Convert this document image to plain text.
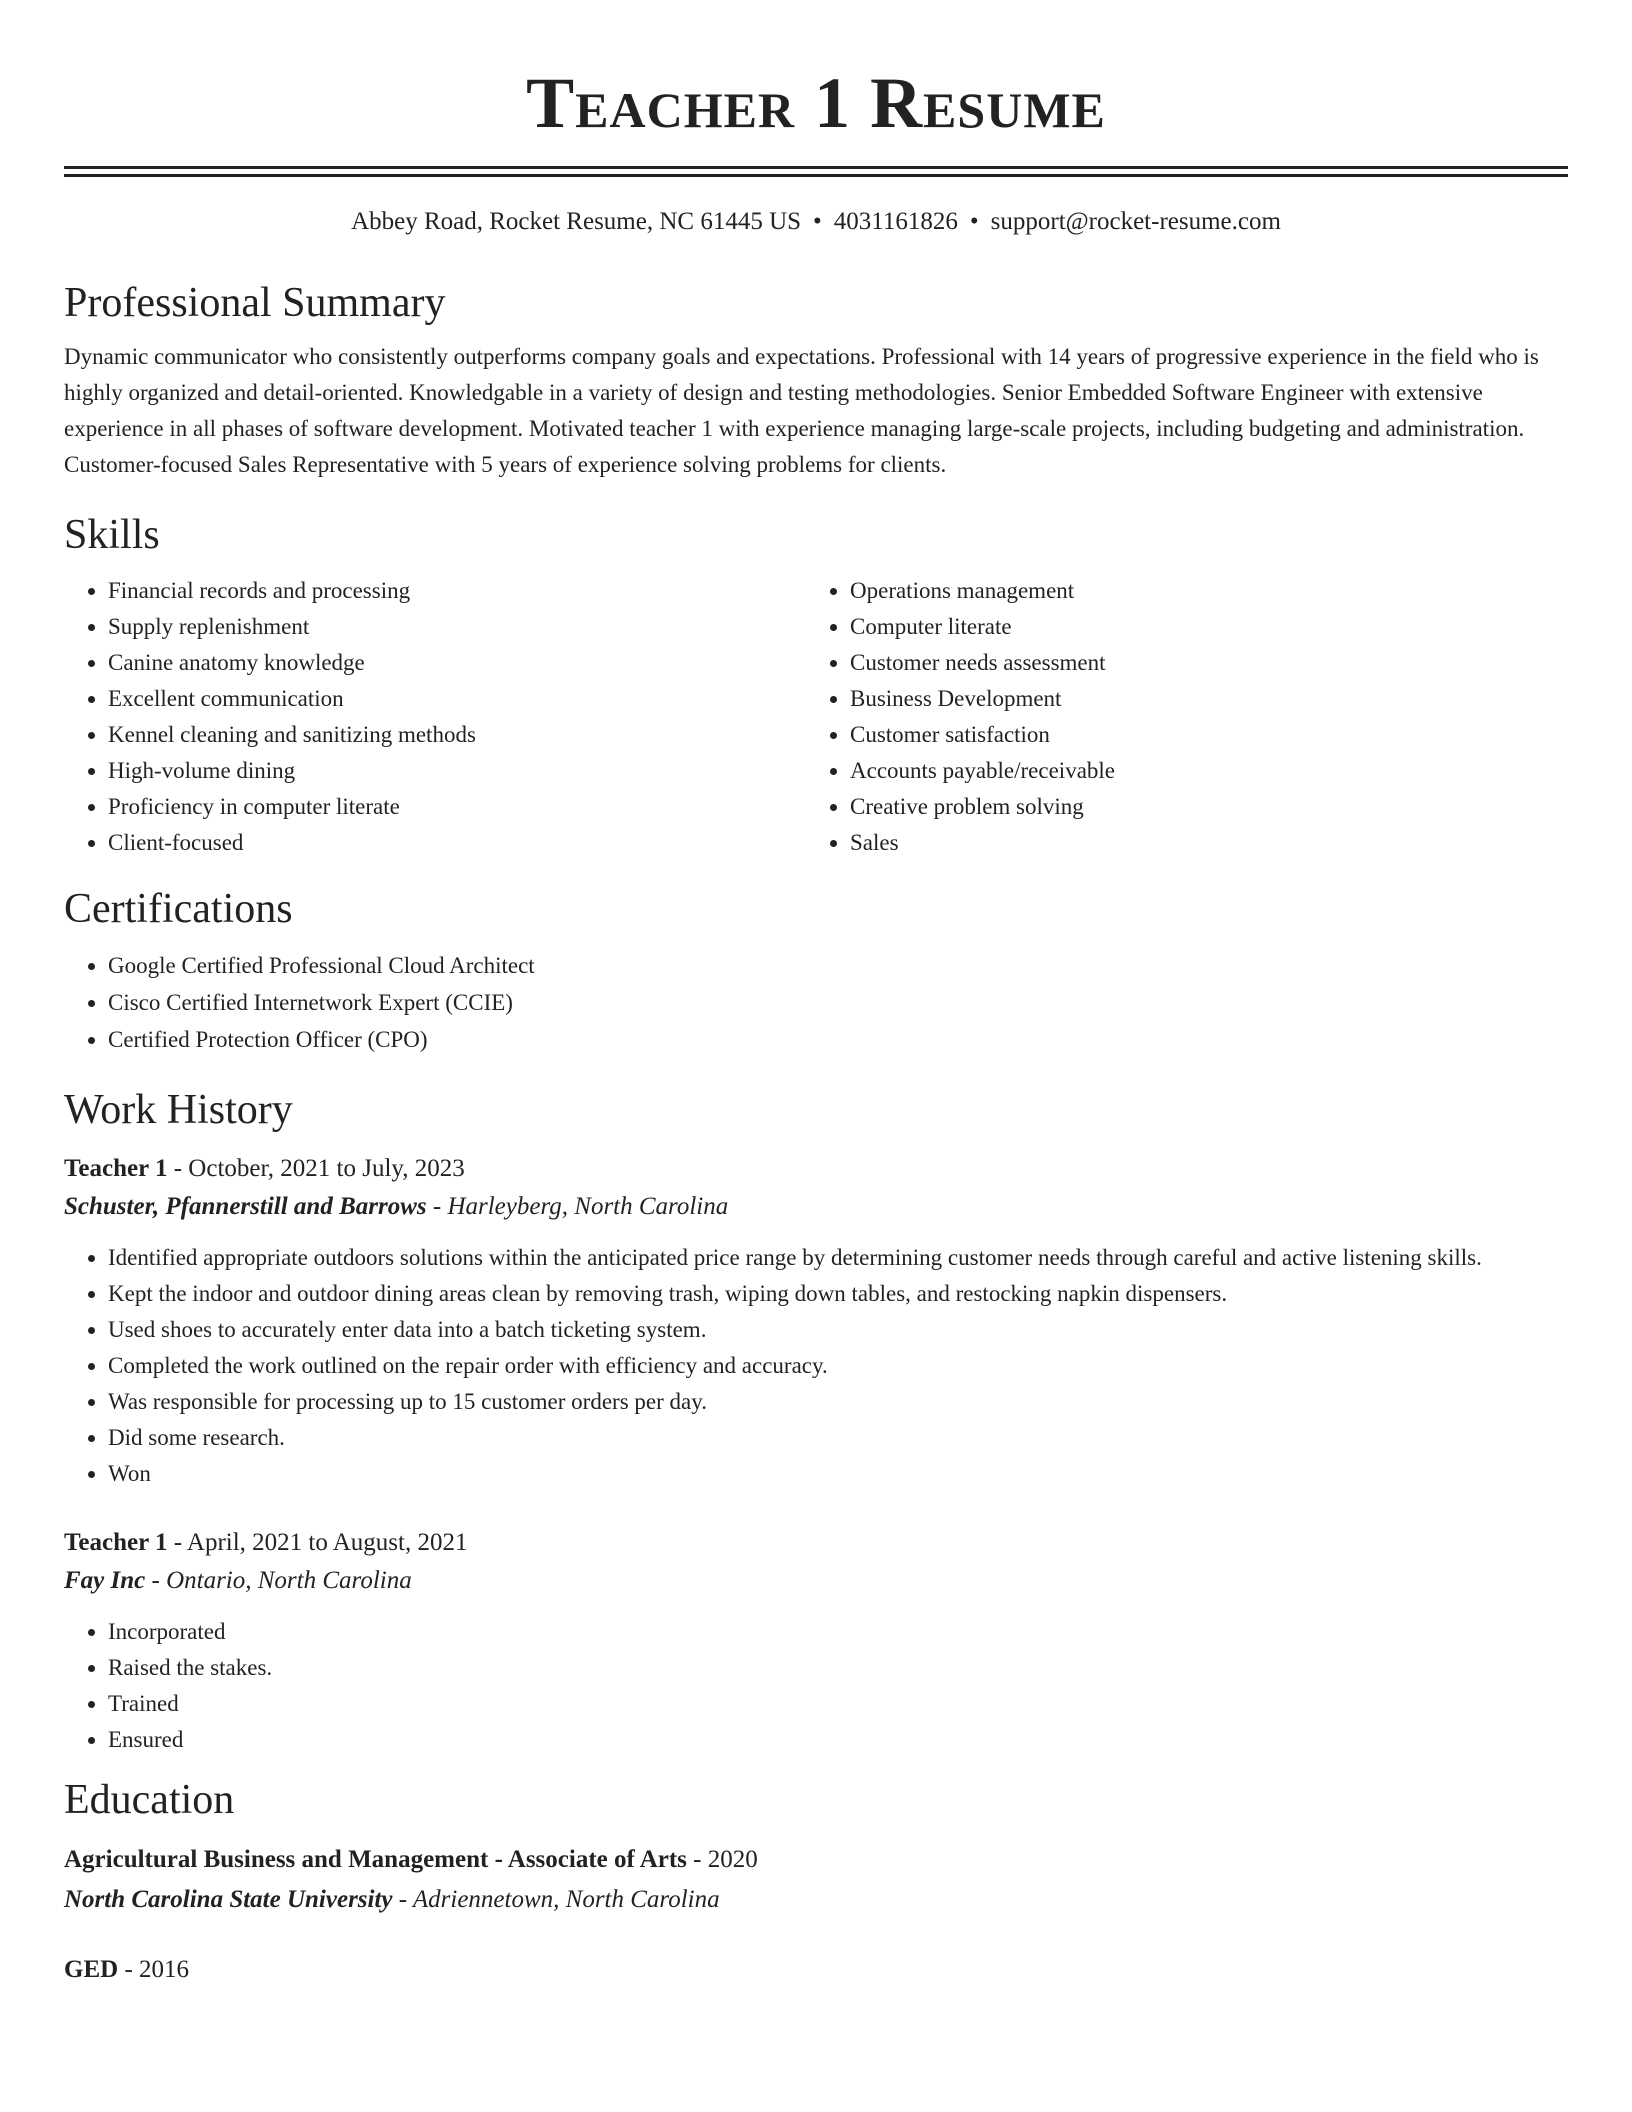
Teacher 1 Resume
Abbey Road, Rocket Resume, NC 61445 US • 4031161826 • support@rocket-resume.com
Professional Summary
Dynamic communicator who consistently outperforms company goals and expectations. Professional with 14 years of progressive experience in the field who is highly organized and detail-oriented. Knowledgable in a variety of design and testing methodologies. Senior Embedded Software Engineer with extensive experience in all phases of software development. Motivated teacher 1 with experience managing large-scale projects, including budgeting and administration. Customer-focused Sales Representative with 5 years of experience solving problems for clients.
Skills
• Financial records and processing
• Supply replenishment
• Canine anatomy knowledge
• Excellent communication
• Kennel cleaning and sanitizing methods
• High-volume dining
• Proficiency in computer literate
• Client-focused
• Operations management
• Computer literate
• Customer needs assessment
• Business Development
• Customer satisfaction
• Accounts payable/receivable
• Creative problem solving
• Sales
Certifications
• Google Certified Professional Cloud Architect
• Cisco Certified Internetwork Expert (CCIE)
• Certified Protection Officer (CPO)
Work History
Teacher 1 - October, 2021 to July, 2023
Schuster, Pfannerstill and Barrows - Harleyberg, North Carolina
• Identified appropriate outdoors solutions within the anticipated price range by determining customer needs through careful and active listening skills.
• Kept the indoor and outdoor dining areas clean by removing trash, wiping down tables, and restocking napkin dispensers.
• Used shoes to accurately enter data into a batch ticketing system.
• Completed the work outlined on the repair order with efficiency and accuracy.
• Was responsible for processing up to 15 customer orders per day.
• Did some research.
• Won
Teacher 1 - April, 2021 to August, 2021
Fay Inc - Ontario, North Carolina
• Incorporated
• Raised the stakes.
• Trained
• Ensured
Education
Agricultural Business and Management - Associate of Arts - 2020
North Carolina State University - Adriennetown, North Carolina
GED - 2016
